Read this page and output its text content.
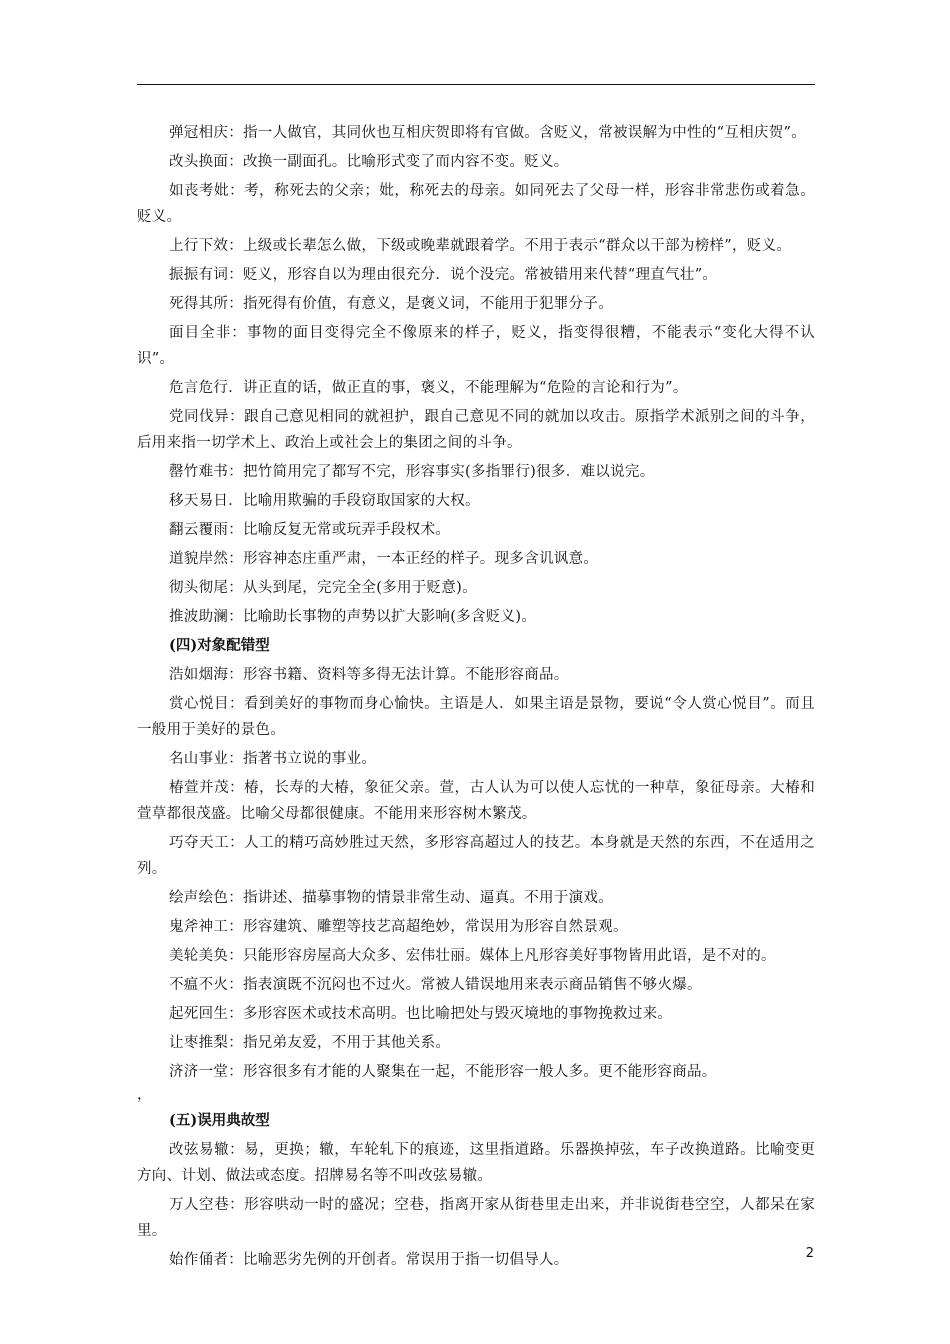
弹冠相庆：指一人做官，其同伙也互相庆贺即将有官做。含贬义，常被误解为中性的“互相庆贺”。

改头换面：改换一副面孔。比喻形式变了而内容不变。贬义。

如丧考妣：考，称死去的父亲；妣，称死去的母亲。如同死去了父母一样，形容非常悲伤或着急。贬义。

上行下效：上级或长辈怎么做，下级或晚辈就跟着学。不用于表示“群众以干部为榜样”，贬义。

振振有词：贬义，形容自以为理由很充分．说个没完。常被错用来代替“理直气壮”。

死得其所：指死得有价值，有意义，是褒义词，不能用于犯罪分子。

面目全非：事物的面目变得完全不像原来的样子，贬义，指变得很糟，不能表示“变化大得不认识”。

危言危行．讲正直的话，做正直的事，褒义，不能理解为“危险的言论和行为”。

党同伐异：跟自己意见相同的就袒护，跟自己意见不同的就加以攻击。原指学术派别之间的斗争，后用来指一切学术上、政治上或社会上的集团之间的斗争。

罄竹难书：把竹简用完了都写不完，形容事实(多指罪行)很多．难以说完。

移天易日．比喻用欺骗的手段窃取国家的大权。

翻云覆雨：比喻反复无常或玩弄手段权术。

道貌岸然：形容神态庄重严肃，一本正经的样子。现多含讥讽意。

彻头彻尾：从头到尾，完完全全(多用于贬意)。

推波助澜：比喻助长事物的声势以扩大影响(多含贬义)。

(四)对象配错型

浩如烟海：形容书籍、资料等多得无法计算。不能形容商品。

赏心悦目：看到美好的事物而身心愉快。主语是人．如果主语是景物，要说“令人赏心悦目”。而且一般用于美好的景色。

名山事业：指著书立说的事业。

椿萱并茂：椿，长寿的大椿，象征父亲。萱，古人认为可以使人忘忧的一种草，象征母亲。大椿和萱草都很茂盛。比喻父母都很健康。不能用来形容树木繁茂。

巧夺天工：人工的精巧高妙胜过天然，多形容高超过人的技艺。本身就是天然的东西，不在适用之列。

绘声绘色：指讲述、描摹事物的情景非常生动、逼真。不用于演戏。

鬼斧神工：形容建筑、雕塑等技艺高超绝妙，常误用为形容自然景观。

美轮美奂：只能形容房屋高大众多、宏伟壮丽。媒体上凡形容美好事物皆用此语，是不对的。

不瘟不火：指表演既不沉闷也不过火。常被人错误地用来表示商品销售不够火爆。

起死回生：多形容医术或技术高明。也比喻把处与毁灭境地的事物挽救过来。

让枣推梨：指兄弟友爱，不用于其他关系。

济济一堂：形容很多有才能的人聚集在一起，不能形容一般人多。更不能形容商品。

，

(五)误用典故型

改弦易辙：易，更换；辙，车轮轧下的痕迹，这里指道路。乐器换掉弦，车子改换道路。比喻变更方向、计划、做法或态度。招牌易名等不叫改弦易辙。

万人空巷：形容哄动一时的盛况；空巷，指离开家从街巷里走出来，并非说街巷空空，人都呆在家里。

始作俑者：比喻恶劣先例的开创者。常误用于指一切倡导人。	2
